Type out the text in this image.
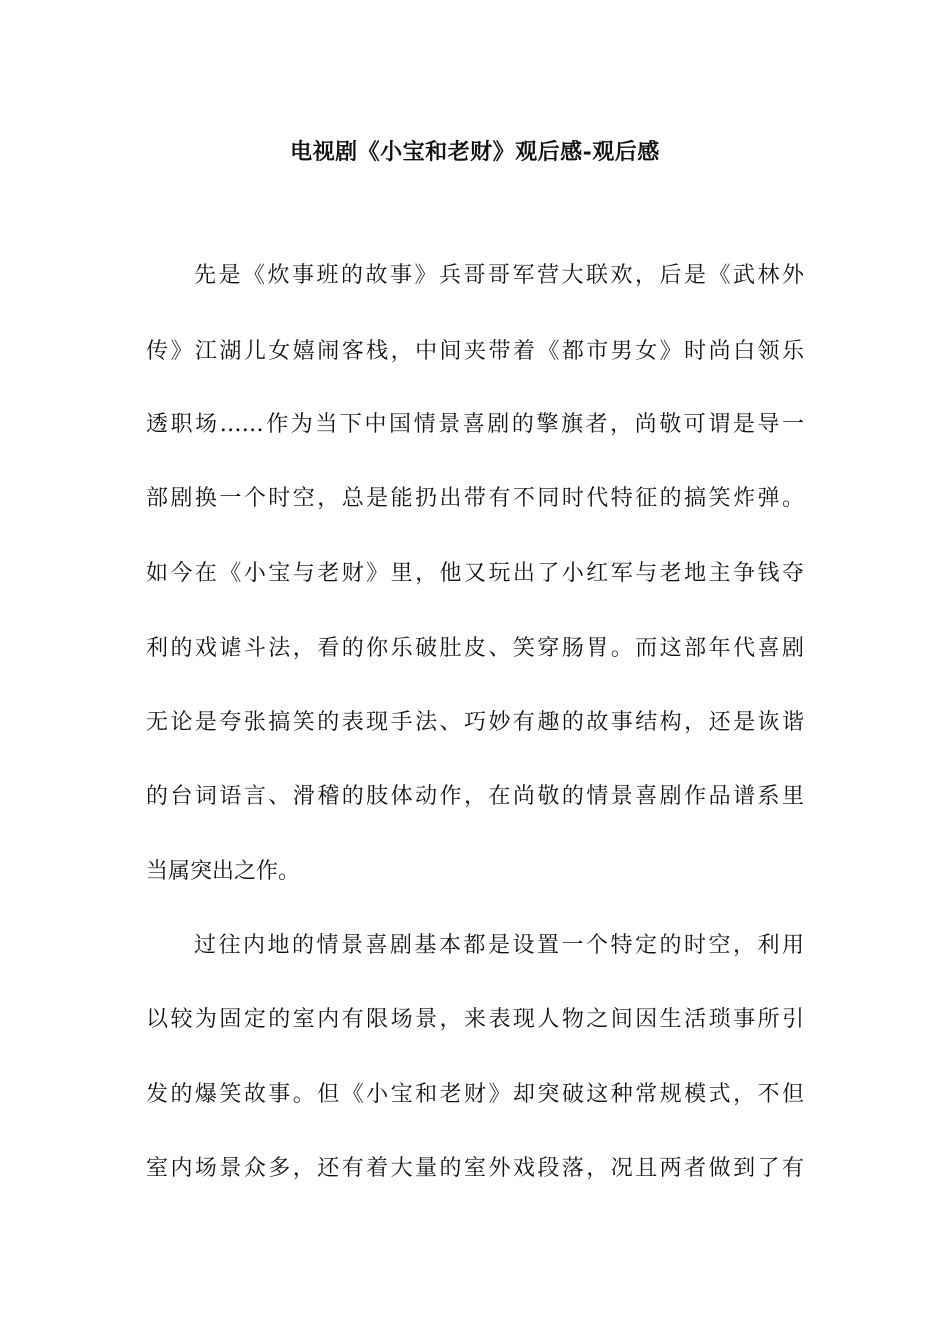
电视剧《小宝和老财》观后感-观后感
先是《炊事班的故事》兵哥哥军营大联欢，后是《武林外
传》江湖儿女嬉闹客栈，中间夹带着《都市男女》时尚白领乐
透职场……作为当下中国情景喜剧的擎旗者，尚敬可谓是导一
部剧换一个时空，总是能扔出带有不同时代特征的搞笑炸弹。
如今在《小宝与老财》里，他又玩出了小红军与老地主争钱夺
利的戏谑斗法，看的你乐破肚皮、笑穿肠胃。而这部年代喜剧
无论是夸张搞笑的表现手法、巧妙有趣的故事结构，还是诙谐
的台词语言、滑稽的肢体动作，在尚敬的情景喜剧作品谱系里
当属突出之作。
过往内地的情景喜剧基本都是设置一个特定的时空，利用
以较为固定的室内有限场景，来表现人物之间因生活琐事所引
发的爆笑故事。但《小宝和老财》却突破这种常规模式，不但
室内场景众多，还有着大量的室外戏段落，况且两者做到了有
